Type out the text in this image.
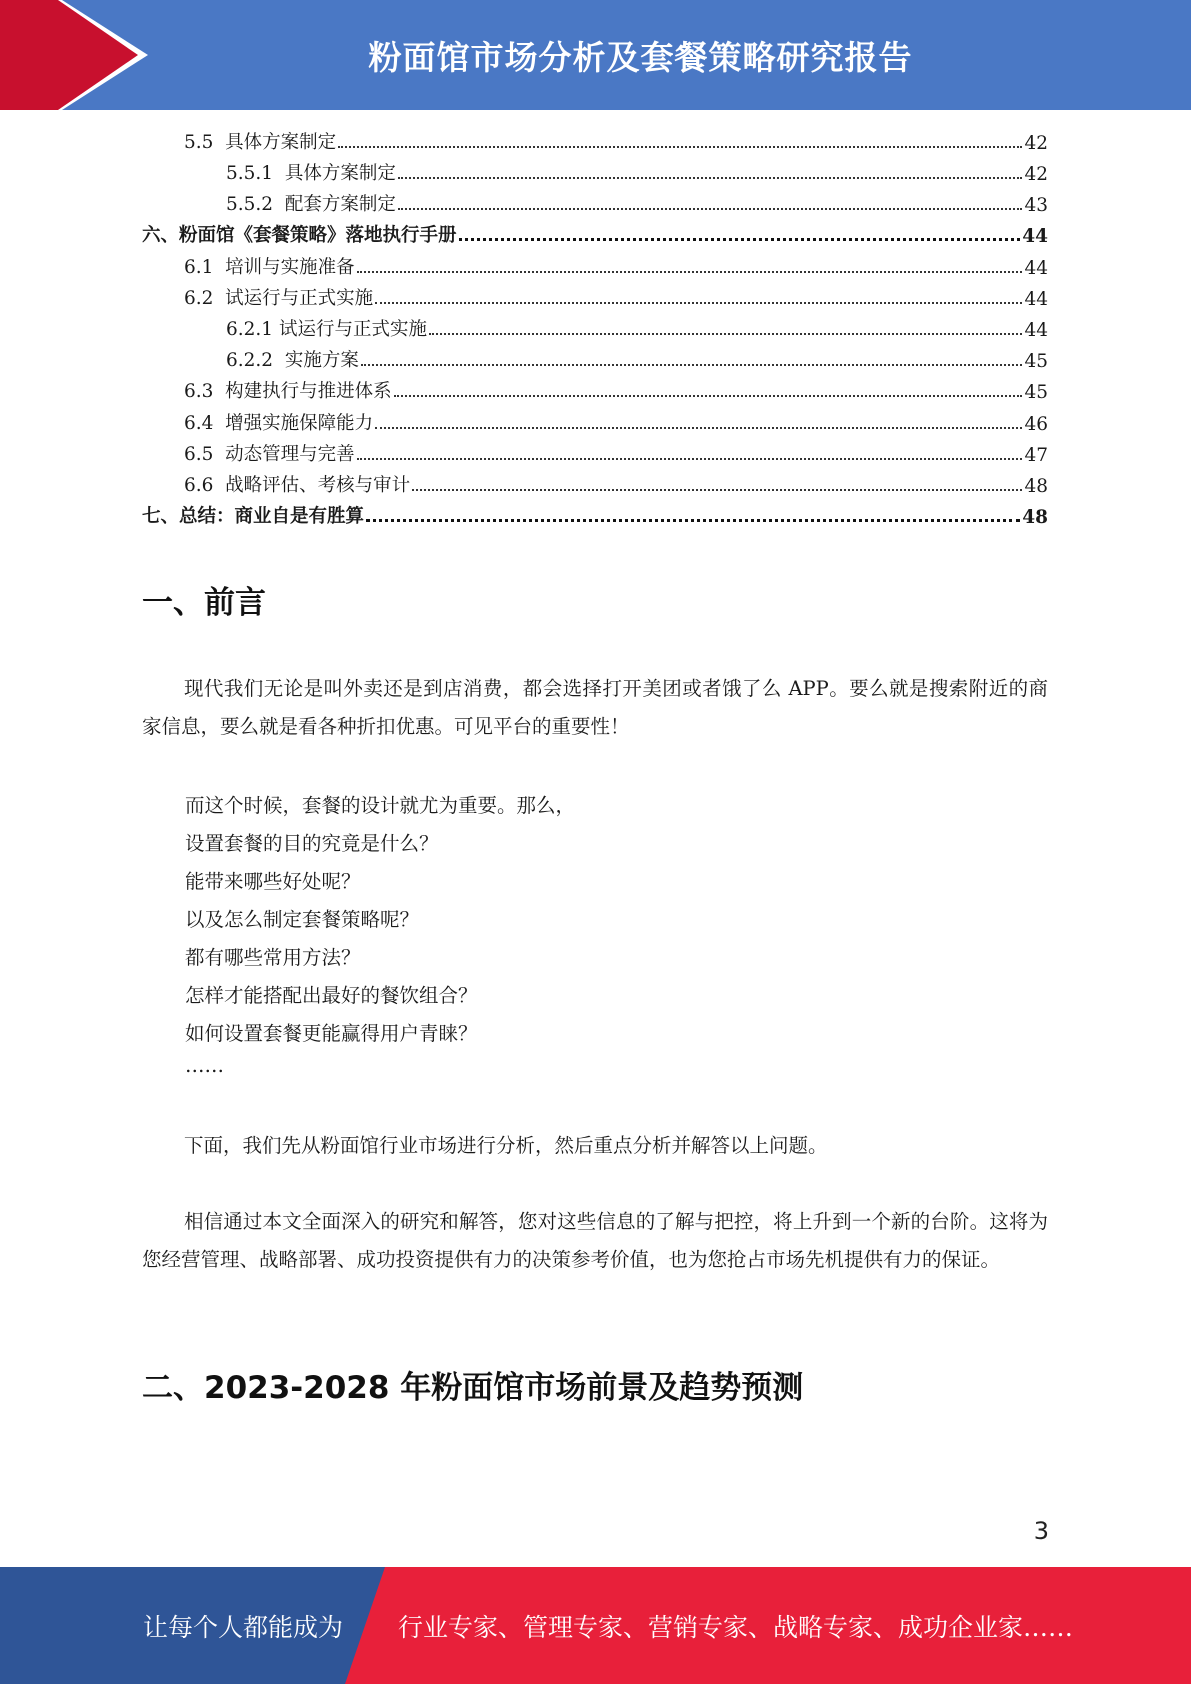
粉面馆市场分析及套餐策略研究报告
5.5  具体方案制定	42
5.5.1  具体方案制定	42
5.5.2  配套方案制定	43
六、粉面馆《套餐策略》落地执行手册	44
6.1  培训与实施准备	44
6.2  试运行与正式实施	44
6.2.1 试运行与正式实施	44
6.2.2  实施方案	45
6.3  构建执行与推进体系	45
6.4  增强实施保障能力	46
6.5  动态管理与完善	47
6.6  战略评估、考核与审计	48
七、总结：商业自是有胜算	48
一、前言
现代我们无论是叫外卖还是到店消费，都会选择打开美团或者饿了么 APP。要么就是搜索附近的商家信息，要么就是看各种折扣优惠。可见平台的重要性！
而这个时候，套餐的设计就尤为重要。那么，
设置套餐的目的究竟是什么？
能带来哪些好处呢？
以及怎么制定套餐策略呢？
都有哪些常用方法？
怎样才能搭配出最好的餐饮组合？
如何设置套餐更能赢得用户青睐？
……
下面，我们先从粉面馆行业市场进行分析，然后重点分析并解答以上问题。
相信通过本文全面深入的研究和解答，您对这些信息的了解与把控，将上升到一个新的台阶。这将为您经营管理、战略部署、成功投资提供有力的决策参考价值，也为您抢占市场先机提供有力的保证。
二、2023-2028 年粉面馆市场前景及趋势预测
3
让每个人都能成为 行业专家、管理专家、营销专家、战略专家、成功企业家……
